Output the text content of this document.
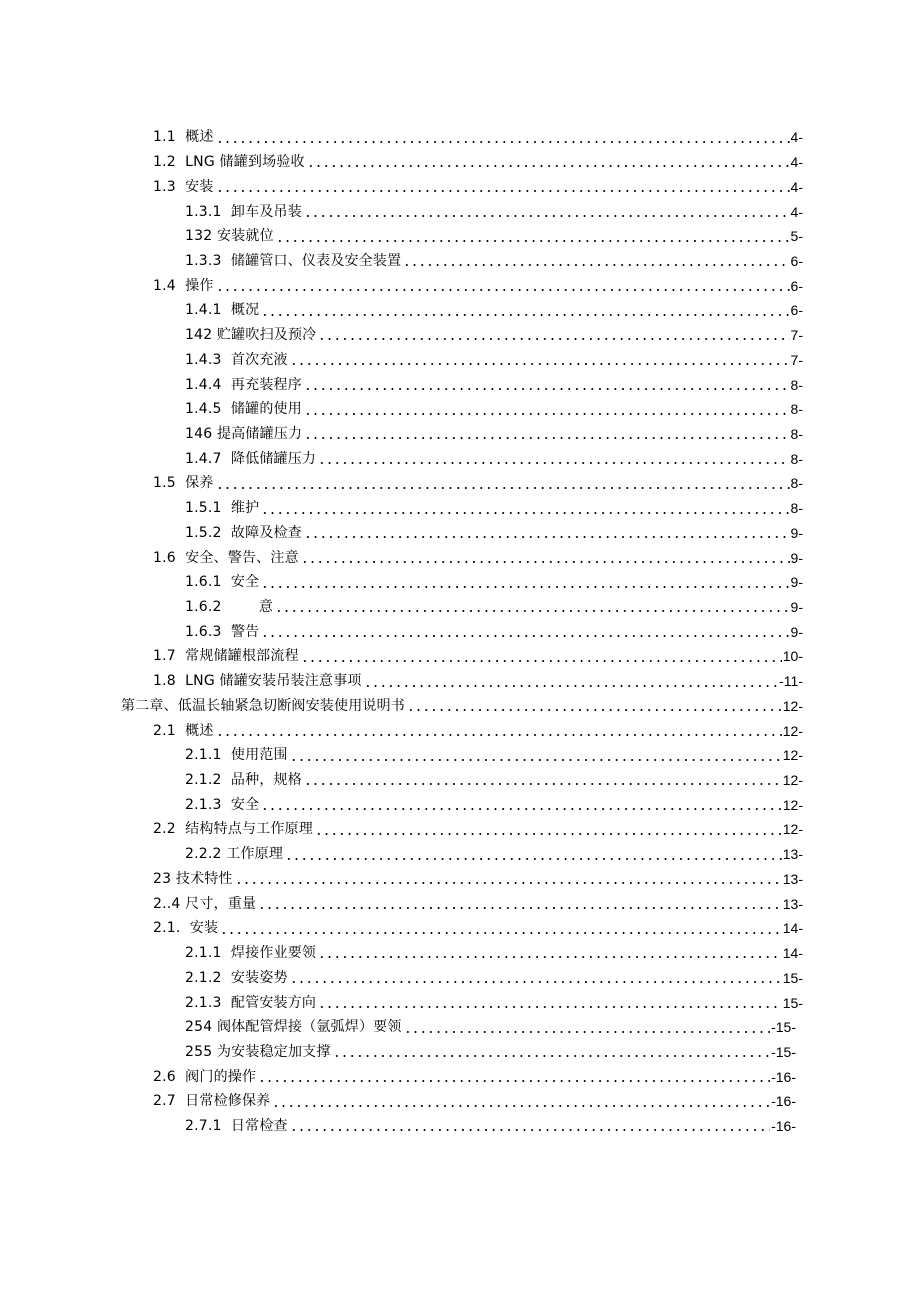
1.1  概述	4-
1.2  LNG 储罐到场验收	4-
1.3  安装	4-
1.3.1  卸车及吊装	4-
132 安装就位	5-
1.3.3  储罐管口、仪表及安全装置	6-
1.4  操作	6-
1.4.1  概况	6-
142 贮罐吹扫及预冷	7-
1.4.3  首次充液	7-
1.4.4  再充装程序	8-
1.4.5  储罐的使用	8-
146 提高储罐压力	8-
1.4.7  降低储罐压力	8-
1.5  保养	8-
1.5.1  维护	8-
1.5.2  故障及检查	9-
1.6  安全、警告、注意	9-
1.6.1  安全	9-
1.6.2        意	9-
1.6.3  警告	9-
1.7  常规储罐根部流程	10-
1.8  LNG 储罐安装吊装注意事项	-11-
第二章、低温长轴紧急切断阀安装使用说明书	12-
2.1  概述	12-
2.1.1  使用范围	12-
2.1.2  品种，规格	12-
2.1.3  安全	12-
2.2  结构特点与工作原理	12-
2.2.2 工作原理	13-
23 技术特性	13-
2..4 尺寸，重量	13-
2.1.  安装	14-
2.1.1  焊接作业要领	14-
2.1.2  安装姿势	15-
2.1.3  配管安装方向	15-
254 阀体配管焊接（氩弧焊）要领	-15-
255 为安装稳定加支撑	-15-
2.6  阀门的操作	-16-
2.7  日常检修保养	-16-
2.7.1  日常检查	-16-
